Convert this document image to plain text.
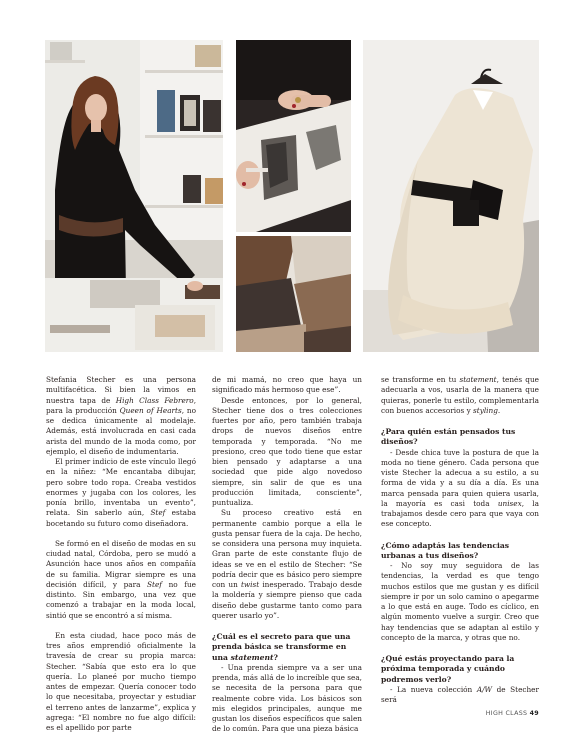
Stefania Stecher es una persona multifacética. Si bien la vimos en nuestra tapa de High Class Febrero, para la producción Queen of Hearts, no se dedica únicamente al modelaje. Además, está involucrada en casi cada arista del mundo de la moda como, por ejemplo, el diseño de indumentaria.

El primer indicio de este vínculo llegó en la niñez: “Me encantaba dibujar, pero sobre todo ropa. Creaba vestidos enormes y jugaba con los colores, les ponía brillo, inventaba un evento”, relata. Sin saberlo aún, Stef estaba bocetando su futuro como diseñadora.

Se formó en el diseño de modas en su ciudad natal, Córdoba, pero se mudó a Asunción hace unos años en compañía de su familia. Migrar siempre es una decisión difícil, y para Stef no fue distinto. Sin embargo, una vez que comenzó a trabajar en la moda local, sintió que se encontró a sí misma.

En esta ciudad, hace poco más de tres años emprendió oficialmente la travesía de crear su propia marca: Stecher. “Sabía que esto era lo que quería. Lo planeé por mucho tiempo antes de empezar. Quería conocer todo lo que necesitaba, proyectar y estudiar el terreno antes de lanzarme”, explica y agrega: “El nombre no fue algo difícil: es el apellido por parte

de mi mamá, no creo que haya un significado más hermoso que ese”.

Desde entonces, por lo general, Stecher tiene dos o tres colecciones fuertes por año, pero también trabaja drops de nuevos diseños entre temporada y temporada. “No me presiono, creo que todo tiene que estar bien pensado y adaptarse a una sociedad que pide algo novedoso siempre, sin salir de que es una producción limitada, consciente”, puntualiza.

Su proceso creativo está en permanente cambio porque a ella le gusta pensar fuera de la caja. De hecho, se considera una persona muy inquieta. Gran parte de este constante flujo de ideas se ve en el estilo de Stecher: “Se podría decir que es básico pero siempre con un twist inesperado. Trabajo desde la moldería y siempre pienso que cada diseño debe gustarme tanto como para querer usarlo yo”.

¿Cuál es el secreto para que una prenda básica se transforme en una statement?

- Una prenda siempre va a ser una prenda, más allá de lo increíble que sea, se necesita de la persona para que realmente cobre vida. Los básicos son mis elegidos principales, aunque me gustan los diseños específicos que salen de lo común. Para que una pieza básica

se transforme en tu statement, tenés que adecuarla a vos, usarla de la manera que quieras, ponerle tu estilo, complementarla con buenos accesorios y styling.

¿Para quién están pensados tus diseños?

- Desde chica tuve la postura de que la moda no tiene género. Cada persona que viste Stecher la adecua a su estilo, a su forma de vida y a su día a día. Es una marca pensada para quien quiera usarla, la mayoría es casi toda unisex, la trabajamos desde cero para que vaya con ese concepto.

¿Cómo adaptás las tendencias urbanas a tus diseños?

- No soy muy seguidora de las tendencias, la verdad es que tengo muchos estilos que me gustan y es difícil siempre ir por un solo camino o apegarme a lo que está en auge. Todo es cíclico, en algún momento vuelve a surgir. Creo que hay tendencias que se adaptan al estilo y concepto de la marca, y otras que no.

¿Qué estás proyectando para la próxima temporada y cuándo podremos verlo?

- La nueva colección A/W de Stecher será

HIGH CLASS 49
